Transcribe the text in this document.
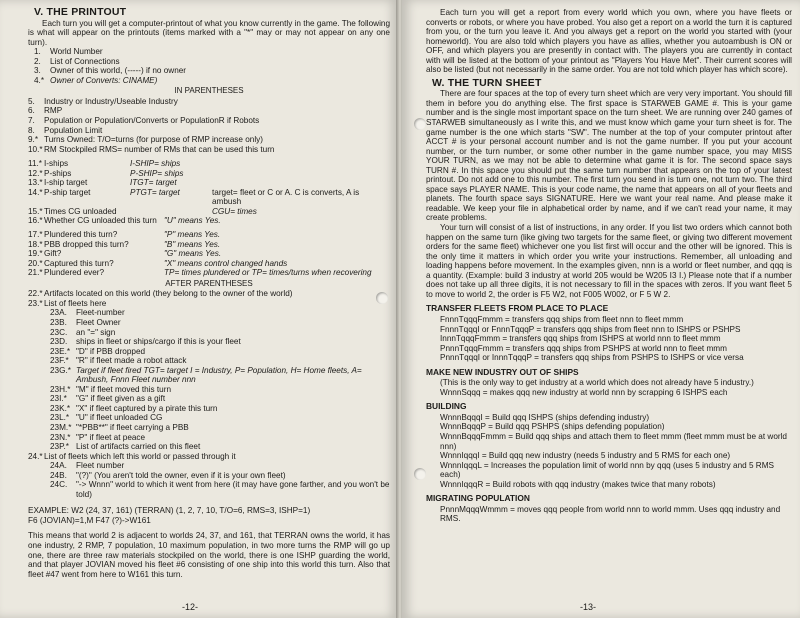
V. THE PRINTOUT

Each turn you will get a computer-printout of what you know currently in the game. The following is what will appear on the printouts (items marked with a "*" may or may not appear on any one turn).

1.	World Number
2.	List of Connections
3.	Owner of this world, (-----) if no owner
4.* Owner of Converts: CINAME)
IN PARENTHESES
5.	Industry or Industry/Useable Industry
6.	RMP
7.	Population or Population/Converts or PopulationR if Robots
8.	Population Limit
9.* Turns Owned: T/O=turns (for purpose of RMP increase only)
10.* RM Stockpiled RMS= number of RMs that can be used this turn
11.* I-ships	I-SHIP= ships
12.* P-ships	P-SHIP= ships
13.* I-ship target	ITGT= target
14.* P-ship target	PTGT= target	target= fleet or C or A. C is converts, A is ambush
15.* Times CG unloaded	CGU= times
16.* Whether CG unloaded this turn "U" means Yes.
17.* Plundered this turn?	"P" means Yes.
18.* PBB dropped this turn?	"B" means Yes.
19.* Gift?	"G" means Yes.
20.* Captured this turn?	"X" means control changed hands
21.* Plundered ever?	TP= times plundered or TP= times/turns when recovering
AFTER PARENTHESES
22.* Artifacts located on this world (they belong to the owner of the world)
23.* List of fleets here
23A.	Fleet-number
23B.	Fleet Owner
23C.	an "=" sign
23D.	ships in fleet or ships/cargo if this is your fleet
23E.* "D" if PBB dropped
23F.* "R" if fleet made a robot attack
23G.* Target if fleet fired TGT= target I = Industry, P= Population, H= Home fleets, A= Ambush, Fnnn Fleet number nnn
23H.* "M" if fleet moved this turn
23I.*	"G" if fleet given as a gift
23K.* "X" if fleet captured by a pirate this turn
23L.* "U" if fleet unloaded CG
23M.* "*PBB**" if fleet carrying a PBB
23N.* "P" if fleet at peace
23P.* List of artifacts carried on this fleet
24.* List of fleets which left this world or passed through it
24A.	Fleet number
24B.	"(?)" (You aren't told the owner, even if it is your own fleet)
24C.	"-> Wnnn" world to which it went from here (it may have gone farther, and you won't be told)
EXAMPLE: W2 (24, 37, 161) (TERRAN) (1, 2, 7, 10, T/O=6, RMS=3, ISHP=1)
F6 (JOVIAN)=1,M F47 (?)->W161
This means that world 2 is adjacent to worlds 24, 37, and 161, that TERRAN owns the world, it has one industry, 2 RMP, 7 population, 10 maximum population, in two more turns the RMP will go up one, there are three raw materials stockpiled on the world, there is one ISHP guarding the world, and that player JOVIAN moved his fleet #6 consisting of one ship into this world this turn. Also that fleet #47 went from here to W161 this turn.
-12-

Each turn you will get a report from every world which you own, where you have fleets or converts or robots, or where you have probed. You also get a report on a world the turn it is captured from you, or the turn you leave it. And you always get a report on the world you started with (your homeworld). You are also told which players you have as allies, whether you autoambush is ON or OFF, and which players you are presently in contact with. The players you are currently in contact with will be listed at the bottom of your printout as "Players You Have Met". Their current scores will also be listed (but not necessarily in the same order. You are not told which player has which score).

W. THE TURN SHEET

There are four spaces at the top of every turn sheet which are very very important. You should fill them in before you do anything else. The first space is STARWEB GAME #. This is your game number and is the single most important space on the turn sheet. We are running over 240 games of STARWEB simultaneously as I write this, and we must know which game your turn sheet is for. The game number is the one which starts "SW". The number at the top of your computer printout after ACCT # is your personal account number and is not the game number. If you put your account number, or the turn number, or some other number in the game number space, you may MISS YOUR TURN, as we may not be able to determine what game it is for. The second space says TURN #. In this space you should put the same turn number that appears on the top of your latest printout. Do not add one to this number. The first turn you send in is turn one, not turn two. The third space says PLAYER NAME. This is your code name, the name that appears on all of your fleets and planets. The fourth space says SIGNATURE. Here we want your real name. And please make it readable. We keep your file in alphabetical order by name, and if we can't read your name, it may create problems.

Your turn will consist of a list of instructions, in any order. If you list two orders which cannot both happen on the same turn (like giving two targets for the same fleet, or giving two different movement orders for the same fleet) whichever one you list first will occur and the other will be ignored. This is the only time it matters in which order you write your instructions. Remember, all unloading and loading happens before movement. In the examples given, nnn is a world or fleet number, and qqq is a quantity. (Example: build 3 industry at world 205 would be W205 I3 I.) Please note that if a number does not take up all three digits, it is not necessary to fill in the spaces with zeros. If you want fleet 5 to move to world 2, the order is F5 W2, not F005 W002, or F 5 W 2.

TRANSFER FLEETS FROM PLACE TO PLACE

FnnnTqqqFmmm = transfers qqq ships from fleet nnn to fleet mmm

FnnnTqqqI or FnnnTqqqP = transfers qqq ships from fleet nnn to ISHPS or PSHPS

InnnTqqqFmmm = transfers qqq ships from ISHPS at world nnn to fleet mmm

PnnnTqqqFmmm = transfers qqq ships from PSHPS at world nnn to fleet mmm

PnnnTqqqI or InnnTqqqP = transfers qqq ships from PSHPS to ISHPS or vice versa

MAKE NEW INDUSTRY OUT OF SHIPS

(This is the only way to get industry at a world which does not already have 5 industry.)

WnnnSqqq = makes qqq new industry at world nnn by scrapping 6 ISHPS each

BUILDING

WnnnBqqqI = Build qqq ISHPS (ships defending industry)

WnnnBqqqP = Build qqq PSHPS (ships defending population)

WnnnBqqqFmmm = Build qqq ships and attach them to fleet mmm (fleet mmm must be at world nnn)

WnnnIqqqI = Build qqq new industry (needs 5 industry and 5 RMS for each one)

WnnnIqqqL = Increases the population limit of world nnn by qqq (uses 5 industry and 5 RMS each)

WnnnIqqqR = Build robots with qqq industry (makes twice that many robots)

MIGRATING POPULATION

PnnnMqqqWmmm = moves qqq people from world nnn to world mmm. Uses qqq industry and RMS.

-13-
